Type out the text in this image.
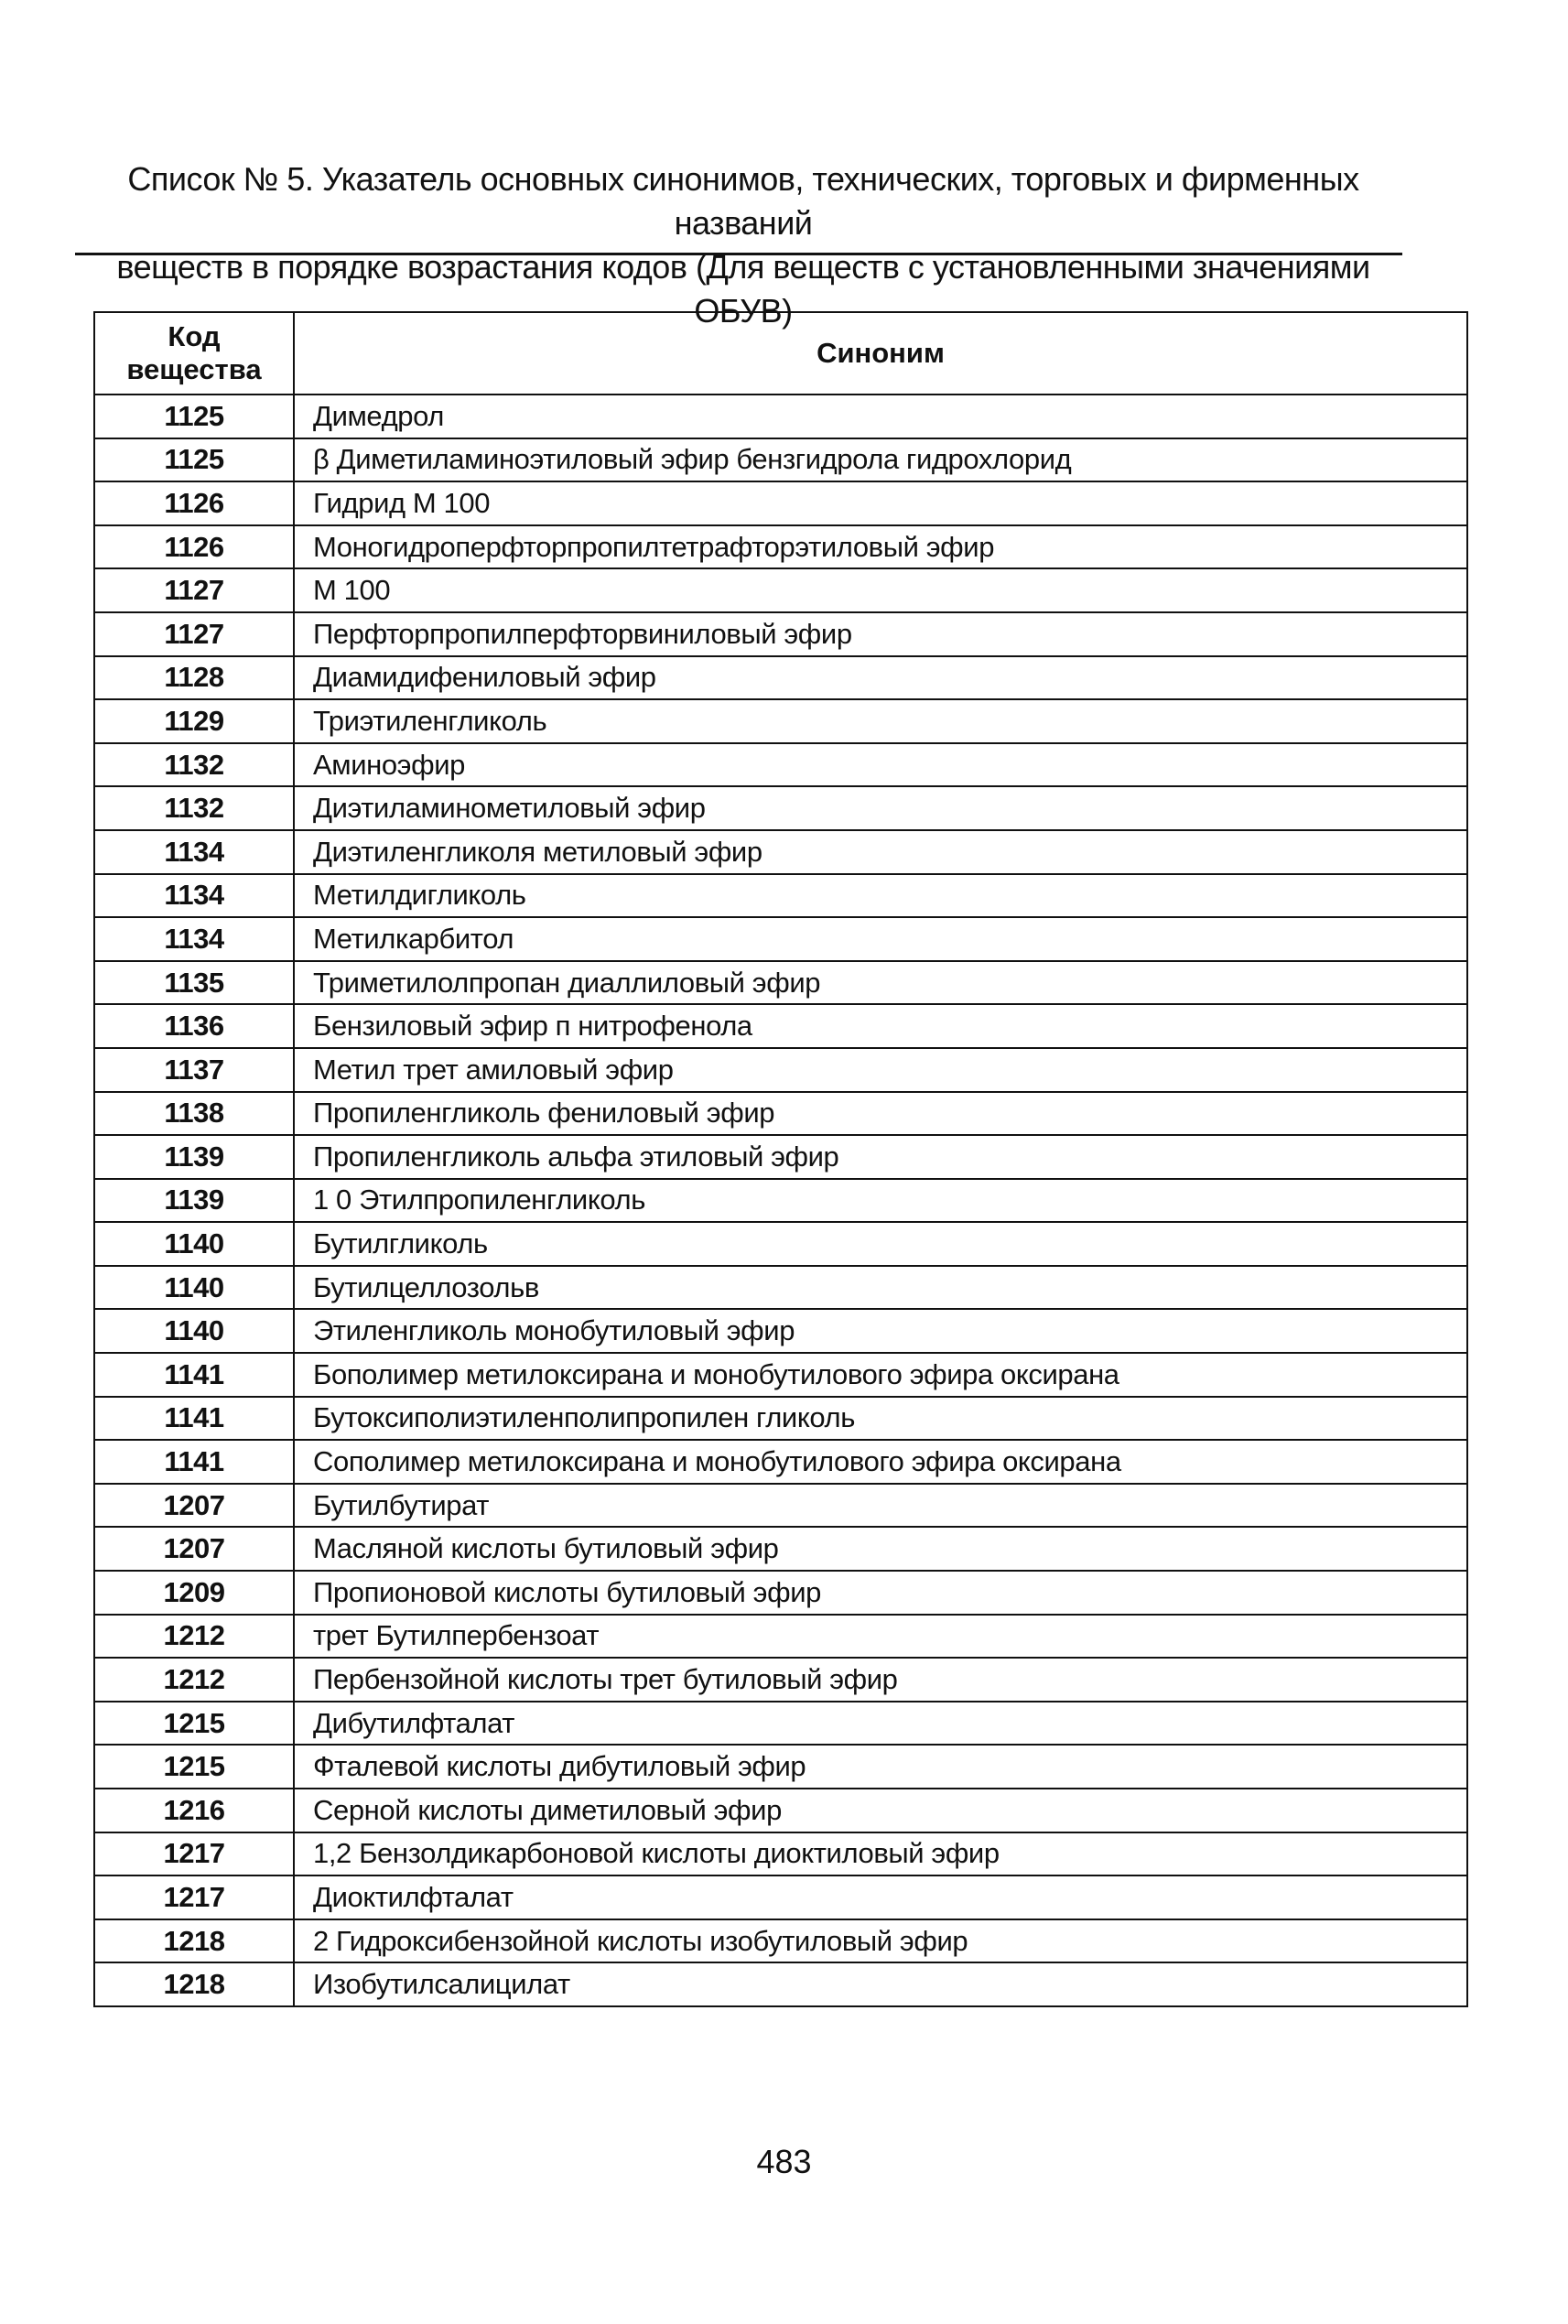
Список № 5. Указатель основных синонимов, технических, торговых и фирменных названий
веществ в порядке возрастания кодов (Для веществ с установленными значениями ОБУВ)
Код
вещества	Синоним
1125	Димедрол
1125	β Диметиламиноэтиловый эфир бензгидрола гидрохлорид
1126	Гидрид М 100
1126	Моногидроперфторпропилтетрафторэтиловый эфир
1127	М 100
1127	Перфторпропилперфторвиниловый эфир
1128	Диамидифениловый эфир
1129	Триэтиленгликоль
1132	Аминоэфир
1132	Диэтиламинометиловый эфир
1134	Диэтиленгликоля метиловый эфир
1134	Метилдигликоль
1134	Метилкарбитол
1135	Триметилолпропан диаллиловый эфир
1136	Бензиловый эфир п нитрофенола
1137	Метил трет амиловый эфир
1138	Пропиленгликоль фениловый эфир
1139	Пропиленгликоль альфа этиловый эфир
1139	1 0 Этилпропиленгликоль
1140	Бутилгликоль
1140	Бутилцеллозольв
1140	Этиленгликоль монобутиловый эфир
1141	Бополимер метилоксирана и монобутилового эфира оксирана
1141	Бутоксиполиэтиленполипропилен гликоль
1141	Сополимер метилоксирана и монобутилового эфира оксирана
1207	Бутилбутират
1207	Масляной кислоты бутиловый эфир
1209	Пропионовой кислоты бутиловый эфир
1212	трет Бутилпербензоат
1212	Пербензойной кислоты трет бутиловый эфир
1215	Дибутилфталат
1215	Фталевой кислоты дибутиловый эфир
1216	Серной кислоты диметиловый эфир
1217	1,2 Бензолдикарбоновой кислоты диоктиловый эфир
1217	Диоктилфталат
1218	2 Гидроксибензойной кислоты изобутиловый эфир
1218	Изобутилсалицилат
483
